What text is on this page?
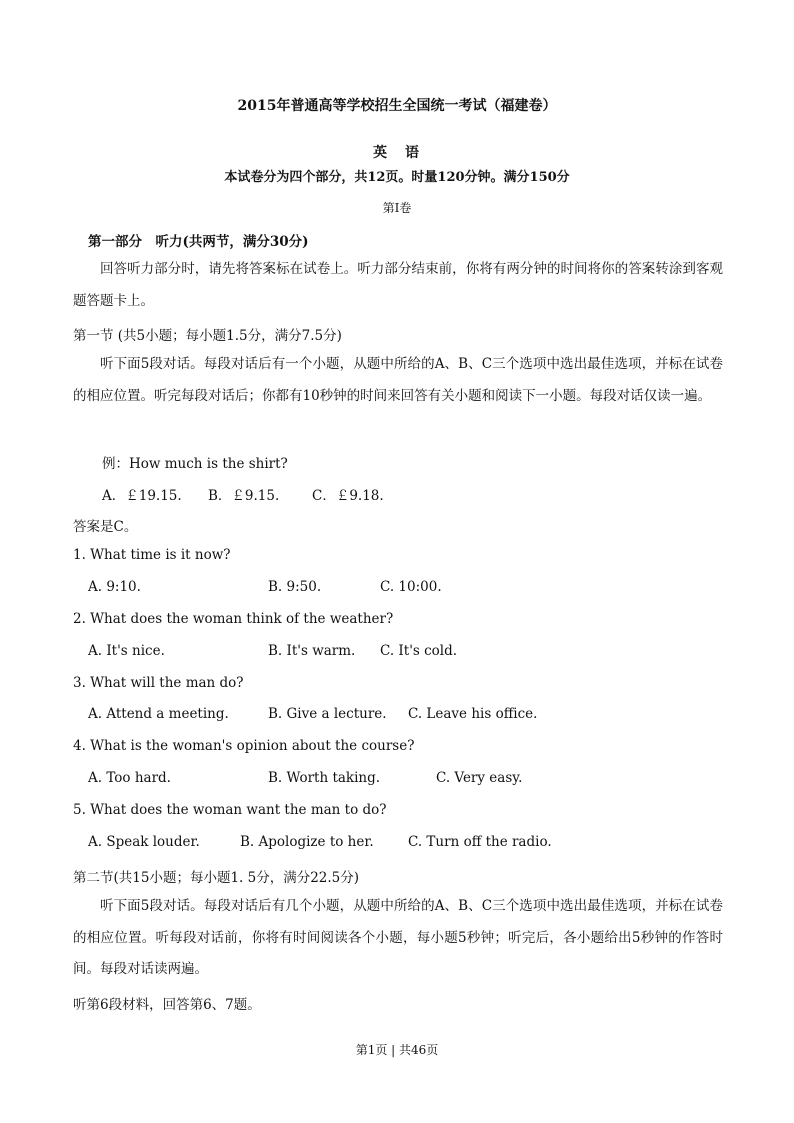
2015年普通高等学校招生全国统一考试（福建卷）
英　语
本试卷分为四个部分，共12页。时量120分钟。满分150分
第Ⅰ卷
第一部分　听力(共两节，满分30分)
回答听力部分时，请先将答案标在试卷上。听力部分结束前，你将有两分钟的时间将你的答案转涂到客观题答题卡上。
第一节 (共5小题；每小题1.5分，满分7.5分)
听下面5段对话。每段对话后有一个小题，从题中所给的A、B、C三个选项中选出最佳选项，并标在试卷的相应位置。听完每段对话后；你都有10秒钟的时间来回答有关小题和阅读下一小题。每段对话仅读一遍。
例：How much is the shirt?
A．￡19.15. B．￡9.15. C．￡9.18.
答案是C。
1. What time is it now?
A. 9:10.	B. 9:50.	C. 10:00.
2. What does the woman think of the weather?
A. It's nice.	B. It's warm. C. It's cold.
3. What will the man do?
A. Attend a meeting.	B. Give a lecture. C. Leave his office.
4. What is the woman's opinion about the course?
A. Too hard.	B. Worth taking.	C. Very easy.
5. What does the woman want the man to do?
A. Speak louder.	B. Apologize to her.	C. Turn off the radio.
第二节(共15小题；每小题1. 5分，满分22.5分)
听下面5段对话。每段对话后有几个小题，从题中所给的A、B、C三个选项中选出最佳选项，并标在试卷的相应位置。听每段对话前，你将有时间阅读各个小题，每小题5秒钟；听完后，各小题给出5秒钟的作答时间。每段对话读两遍。
听第6段材料，回答第6、7题。
第1页 | 共46页
